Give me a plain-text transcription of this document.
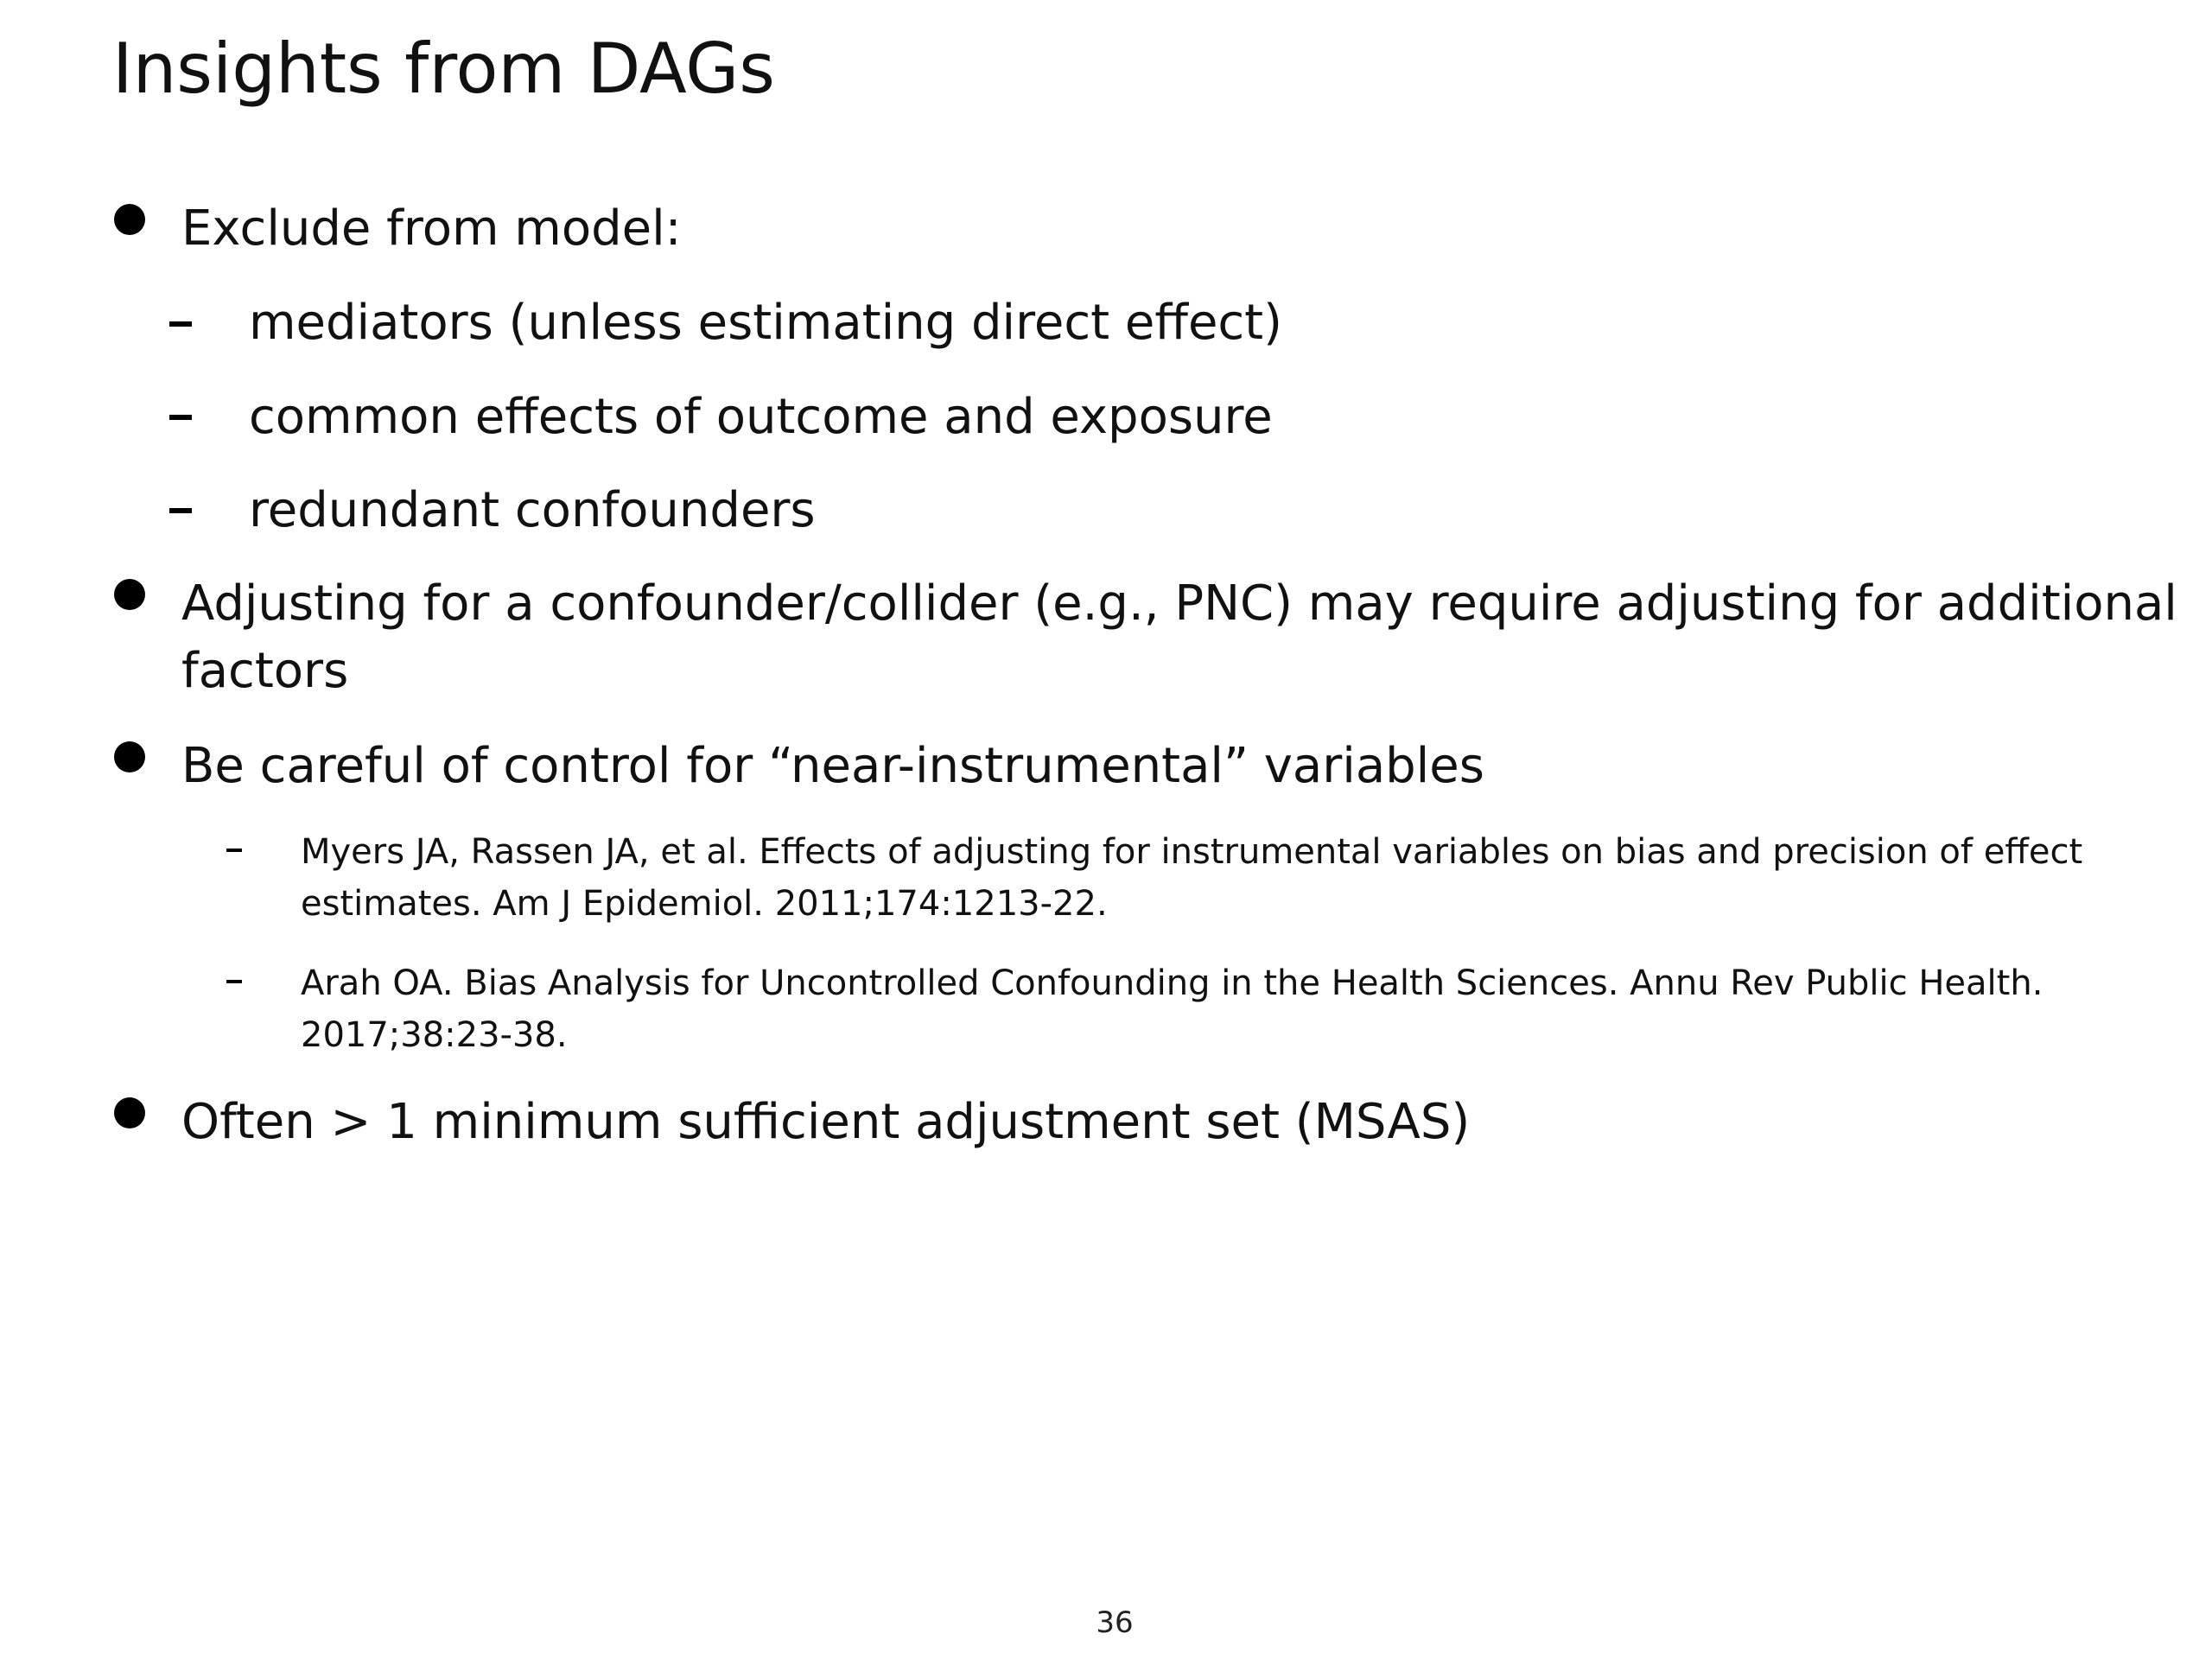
Insights from DAGs
Exclude from model:
mediators (unless estimating direct effect)
common effects of outcome and exposure
redundant confounders
Adjusting for a confounder/collider (e.g., PNC) may require adjusting for additional
factors
Be careful of control for “near-instrumental” variables
Myers JA, Rassen JA, et al. Effects of adjusting for instrumental variables on bias and precision of effect
estimates. Am J Epidemiol. 2011;174:1213-22.
Arah OA. Bias Analysis for Uncontrolled Confounding in the Health Sciences. Annu Rev Public Health.
2017;38:23-38.
Often > 1 minimum sufficient adjustment set (MSAS)
36
